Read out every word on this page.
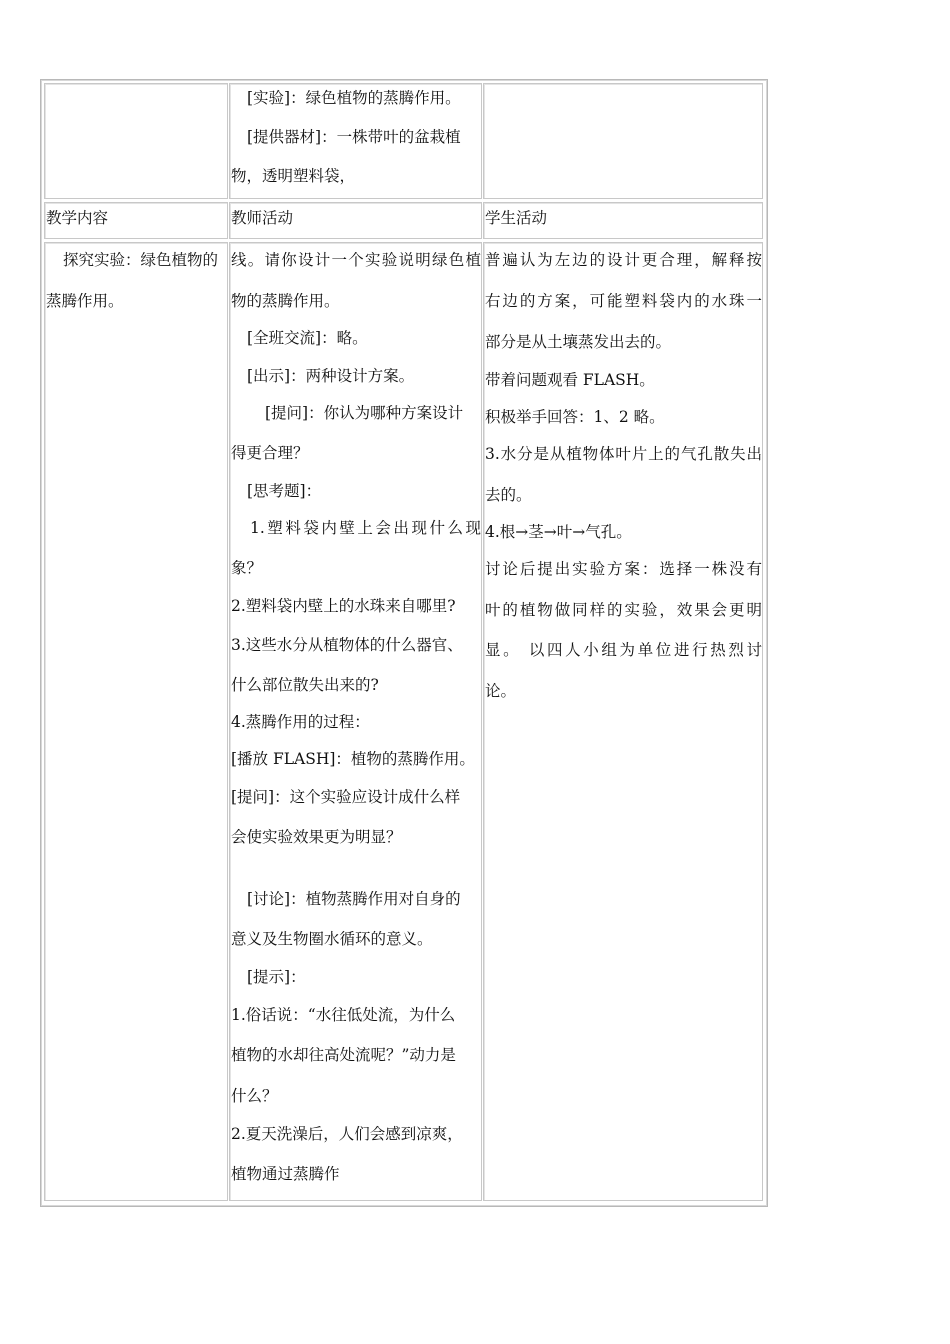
[实验]：绿色植物的蒸腾作用。
[提供器材]：一株带叶的盆栽植
物，透明塑料袋，
教学内容	教师活动	学生活动
探究实验：绿色植物的
蒸腾作用。
线。请你设计一个实验说明绿色植
物的蒸腾作用。
[全班交流]：略。
[出示]：两种设计方案。
[提问]：你认为哪种方案设计
得更合理？
[思考题]：
1.塑料袋内壁上会出现什么现
象？
2.塑料袋内壁上的水珠来自哪里?
3.这些水分从植物体的什么器官、
什么部位散失出来的?
4.蒸腾作用的过程：
[播放 FLASH]：植物的蒸腾作用。
[提问]：这个实验应设计成什么样
会使实验效果更为明显？
[讨论]：植物蒸腾作用对自身的
意义及生物圈水循环的意义。
[提示]：
1.俗话说：“水往低处流，为什么
植物的水却往高处流呢？”动力是
什么？
2.夏天洗澡后，人们会感到凉爽，
植物通过蒸腾作
普遍认为左边的设计更合理，解释按
右边的方案，可能塑料袋内的水珠一
部分是从土壤蒸发出去的。
带着问题观看 FLASH。
积极举手回答：1、2 略。
3.水分是从植物体叶片上的气孔散失出
去的。
4.根→茎→叶→气孔。
讨论后提出实验方案：选择一株没有
叶的植物做同样的实验，效果会更明
显。 以四人小组为单位进行热烈讨
论。
